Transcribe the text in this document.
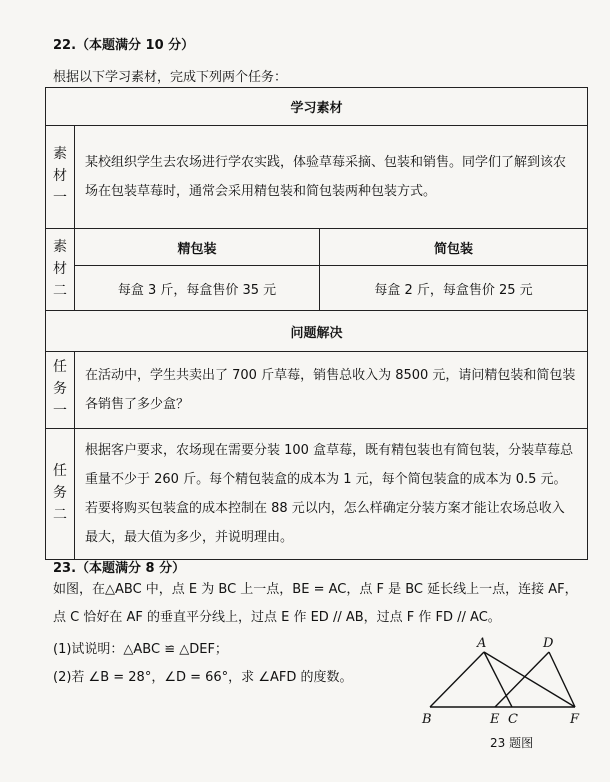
22.（本题满分 10 分）
根据以下学习素材，完成下列两个任务：
学习素材		
素材一	某校组织学生去农场进行学农实践，体验草莓采摘、包装和销售。同学们了解到该农场在包装草莓时，通常会采用精包装和简包装两种包装方式。	
素材二	精包装	简包装
	每盒 3 斤，每盒售价 35 元	每盒 2 斤，每盒售价 25 元
问题解决		
任务一	在活动中，学生共卖出了 700 斤草莓，销售总收入为 8500 元，请问精包装和简包装各销售了多少盒？	
任务二	根据客户要求，农场现在需要分装 100 盒草莓，既有精包装也有简包装，分装草莓总重量不少于 260 斤。每个精包装盒的成本为 1 元，每个简包装盒的成本为 0.5 元。若要将购买包装盒的成本控制在 88 元以内，怎么样确定分装方案才能让农场总收入最大，最大值为多少，并说明理由。	
23.（本题满分 8 分）
如图，在△ABC 中，点 E 为 BC 上一点，BE = AC，点 F 是 BC 延长线上一点，连接 AF，
点 C 恰好在 AF 的垂直平分线上，过点 E 作 ED // AB，过点 F 作 FD // AC。
(1)试说明：△ABC ≌ △DEF；
(2)若 ∠B = 28°，∠D = 66°，求 ∠AFD 的度数。
A	D
B	E C	F
23 题图
